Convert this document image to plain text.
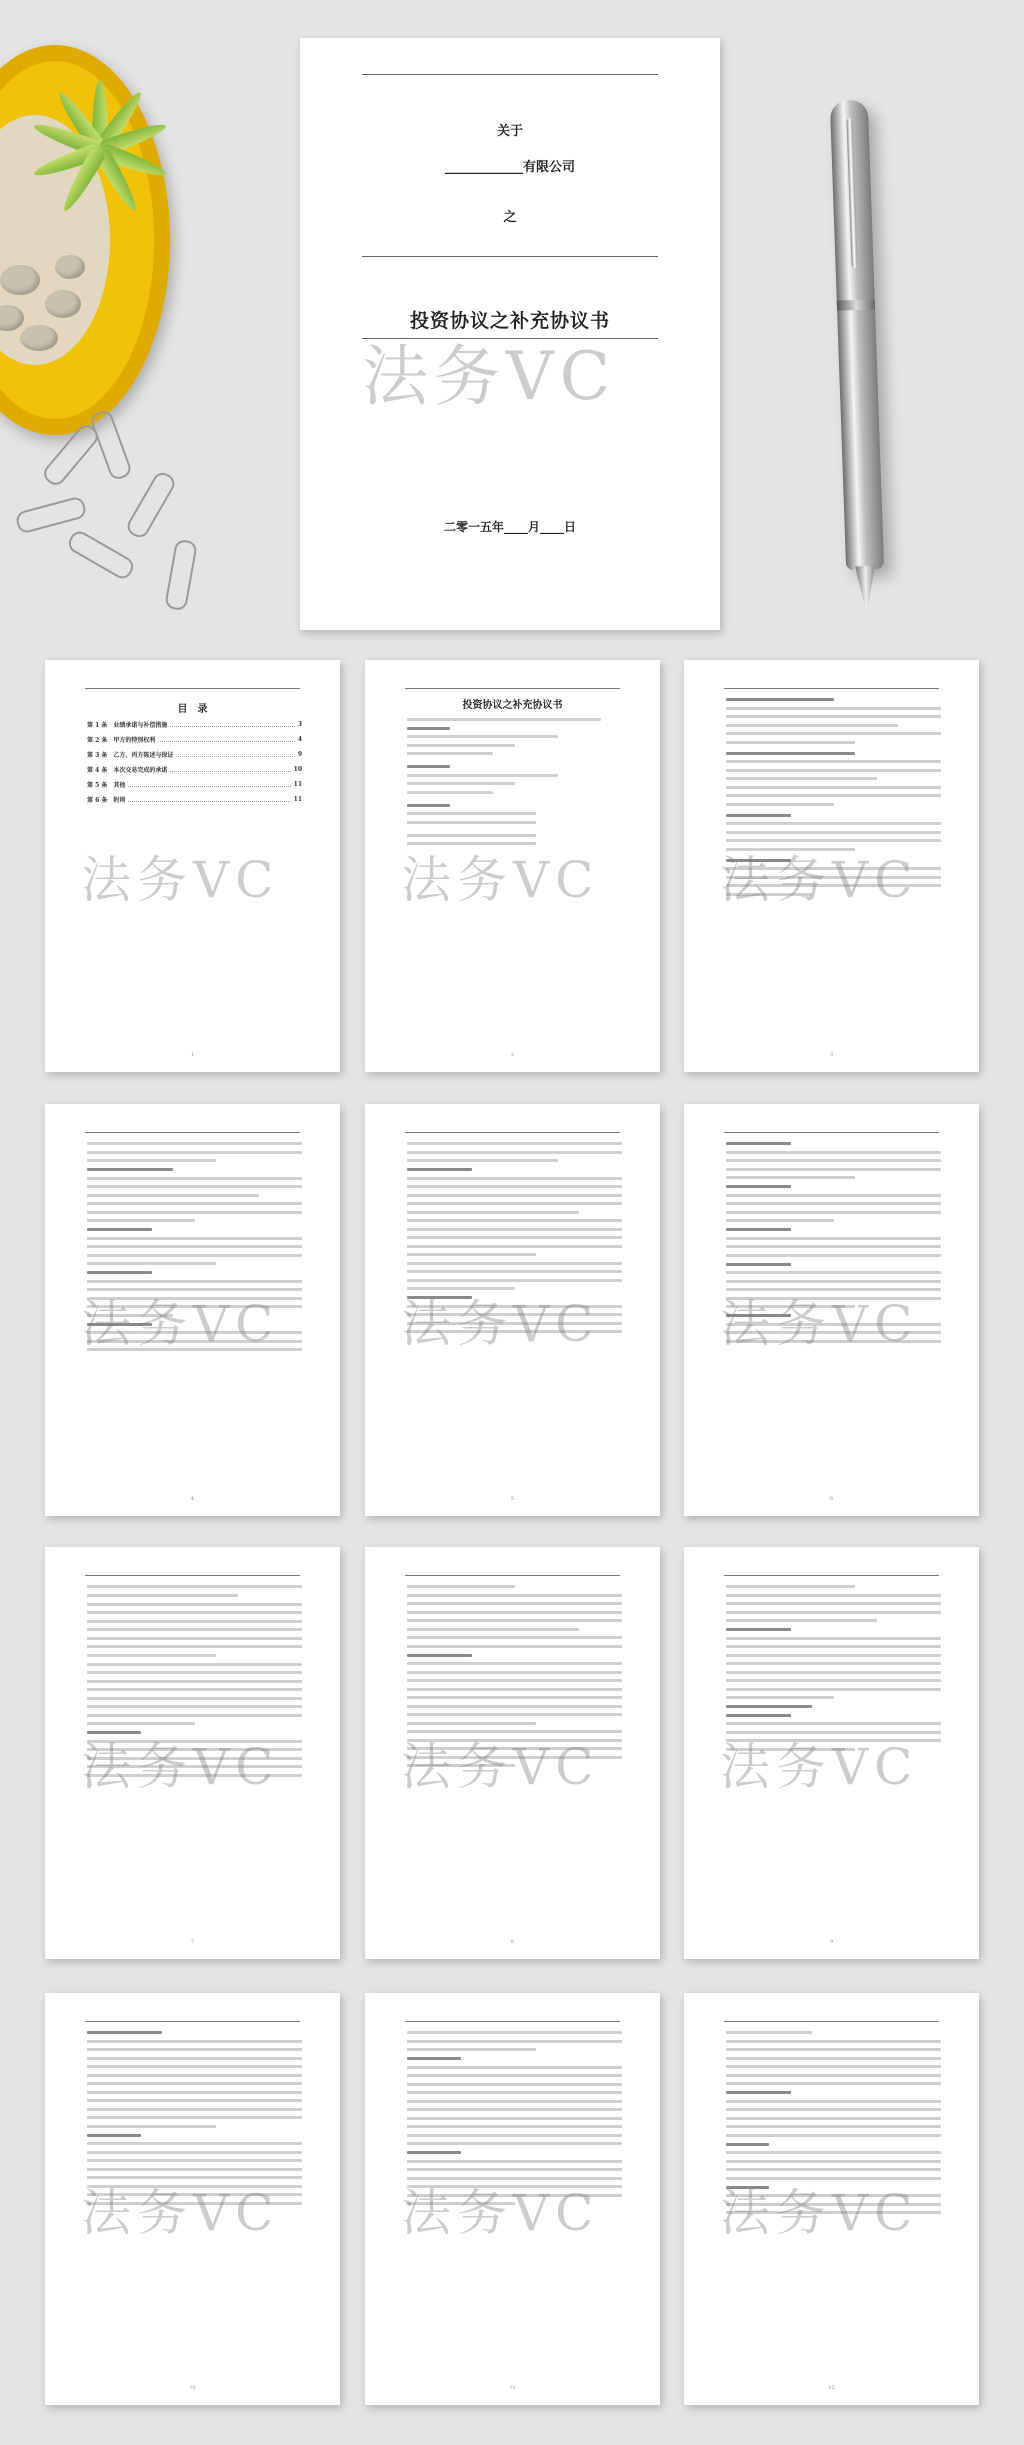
关于
____________有限公司
之
投资协议之补充协议书
法务VC
二零一五年____月____日
目　录
第 1 条　业绩承诺与补偿措施	3
第 2 条　甲方的特别权利	4
第 3 条　乙方、丙方陈述与保证	9
第 4 条　本次交易完成的承诺	10
第 5 条　其他	11
第 6 条　附则	11
法务VC
1
投资协议之补充协议书
法务VC
2
法务VC
3
法务VC
4
法务VC
5
法务VC
6
法务VC
7
法务VC
8
法务VC
9
法务VC
10
法务VC
11
法务VC
12
